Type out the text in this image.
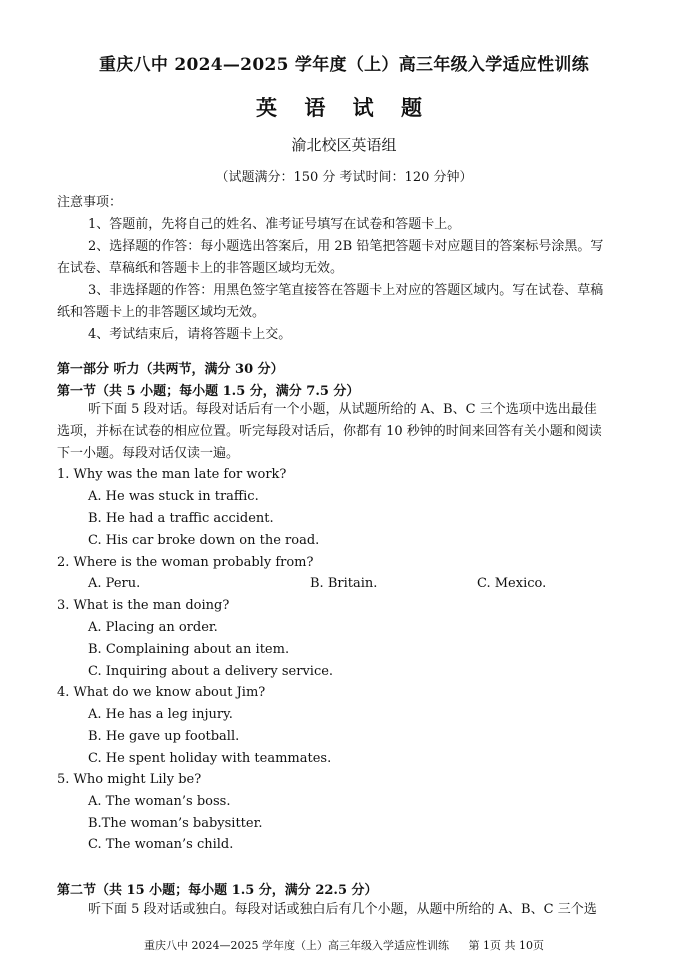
重庆八中 2024—2025 学年度（上）高三年级入学适应性训练
英 语 试 题
渝北校区英语组
（试题满分：150 分 考试时间：120 分钟）
注意事项：
1、答题前，先将自己的姓名、准考证号填写在试卷和答题卡上。
2、选择题的作答：每小题选出答案后，用 2B 铅笔把答题卡对应题目的答案标号涂黑。写
在试卷、草稿纸和答题卡上的非答题区域均无效。
3、非选择题的作答：用黑色签字笔直接答在答题卡上对应的答题区域内。写在试卷、草稿
纸和答题卡上的非答题区域均无效。
4、考试结束后，请将答题卡上交。
第一部分 听力（共两节，满分 30 分）
第一节（共 5 小题；每小题 1.5 分，满分 7.5 分）
听下面 5 段对话。每段对话后有一个小题，从试题所给的 A、B、C 三个选项中选出最佳
选项，并标在试卷的相应位置。听完每段对话后，你都有 10 秒钟的时间来回答有关小题和阅读
下一小题。每段对话仅读一遍。
1. Why was the man late for work?
A. He was stuck in traffic.
B. He had a traffic accident.
C. His car broke down on the road.
2. Where is the woman probably from?
A. Peru.	B. Britain.	C. Mexico.
3. What is the man doing?
A. Placing an order.
B. Complaining about an item.
C. Inquiring about a delivery service.
4. What do we know about Jim?
A. He has a leg injury.
B. He gave up football.
C. He spent holiday with teammates.
5. Who might Lily be?
A. The woman’s boss.
B.The woman’s babysitter.
C. The woman’s child.
第二节（共 15 小题；每小题 1.5 分，满分 22.5 分）
听下面 5 段对话或独白。每段对话或独白后有几个小题，从题中所给的 A、B、C 三个选
重庆八中 2024—2025 学年度（上）高三年级入学适应性训练 第 1页 共 10页
